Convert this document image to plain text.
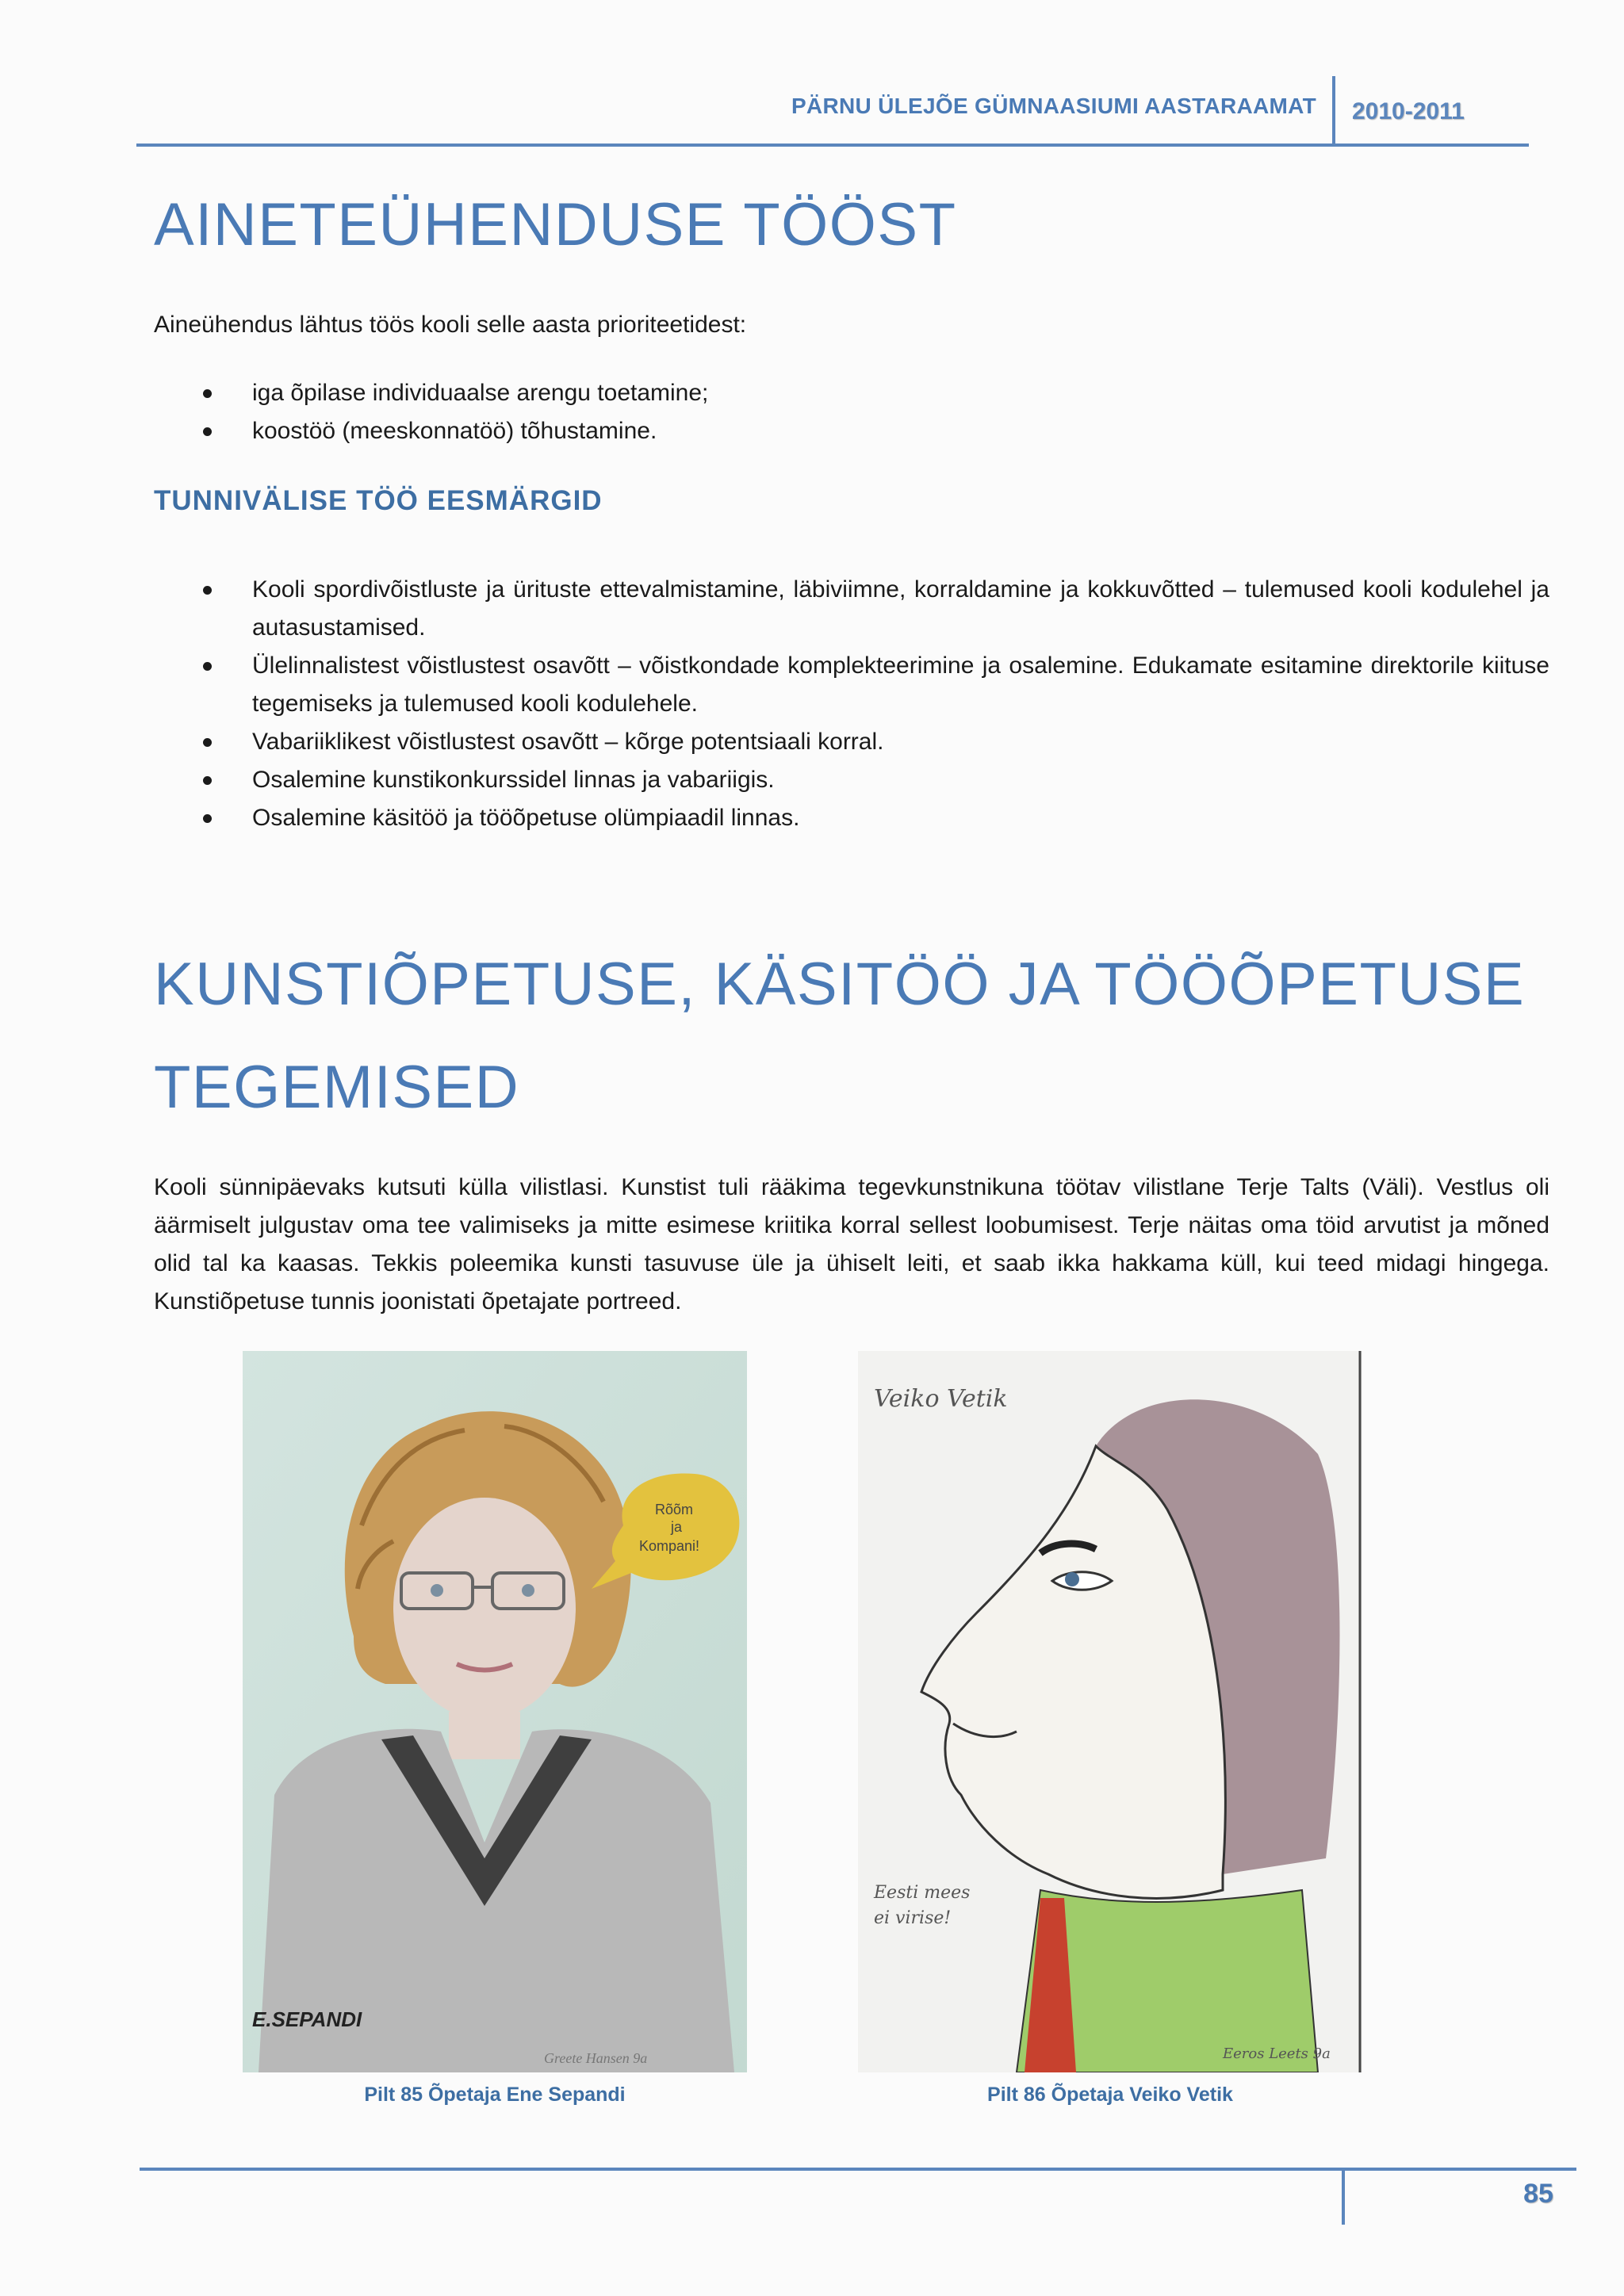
PÄRNU ÜLEJÕE GÜMNAASIUMI AASTARAAMAT 2010-2011
AINETEÜHENDUSE TÖÖST
Aineühendus lähtus töös kooli selle aasta prioriteetidest:
iga õpilase individuaalse arengu toetamine;
koostöö (meeskonnatöö) tõhustamine.
TUNNIVÄLISE TÖÖ EESMÄRGID
Kooli spordivõistluste ja ürituste ettevalmistamine, läbiviimne, korraldamine ja kokkuvõtted – tulemused kooli kodulehel ja autasustamised.
Ülelinnalistest võistlustest osavõtt – võistkondade komplekteerimine ja osalemine. Edukamate esitamine direktorile kiituse tegemiseks ja tulemused kooli kodulehele.
Vabariiklikest võistlustest osavõtt – kõrge potentsiaali korral.
Osalemine kunstikonkurssidel linnas ja vabariigis.
Osalemine käsitöö ja tööõpetuse olümpiaadil linnas.
KUNSTIÕPETUSE, KÄSITÖÖ JA TÖÖÕPETUSE
TEGEMISED
Kooli sünnipäevaks kutsuti külla vilistlasi. Kunstist tuli rääkima tegevkunstnikuna töötav vilistlane Terje Talts (Väli). Vestlus oli äärmiselt julgustav oma tee valimiseks ja mitte esimese kriitika korral sellest loobumisest. Terje näitas oma töid arvutist ja mõned olid tal ka kaasas. Tekkis poleemika kunsti tasuvuse üle ja ühiselt leiti, et saab ikka hakkama küll, kui teed midagi hingega. Kunstiõpetuse tunnis joonistati õpetajate portreed.
Rõõm
ja
Kompani!
E.SEPANDI
Greete Hansen 9a
Pilt 85 Õpetaja Ene Sepandi
Veiko Vetik
Eesti mees
ei virise!
Eeros Leets 9a
Pilt 86 Õpetaja Veiko Vetik
85
